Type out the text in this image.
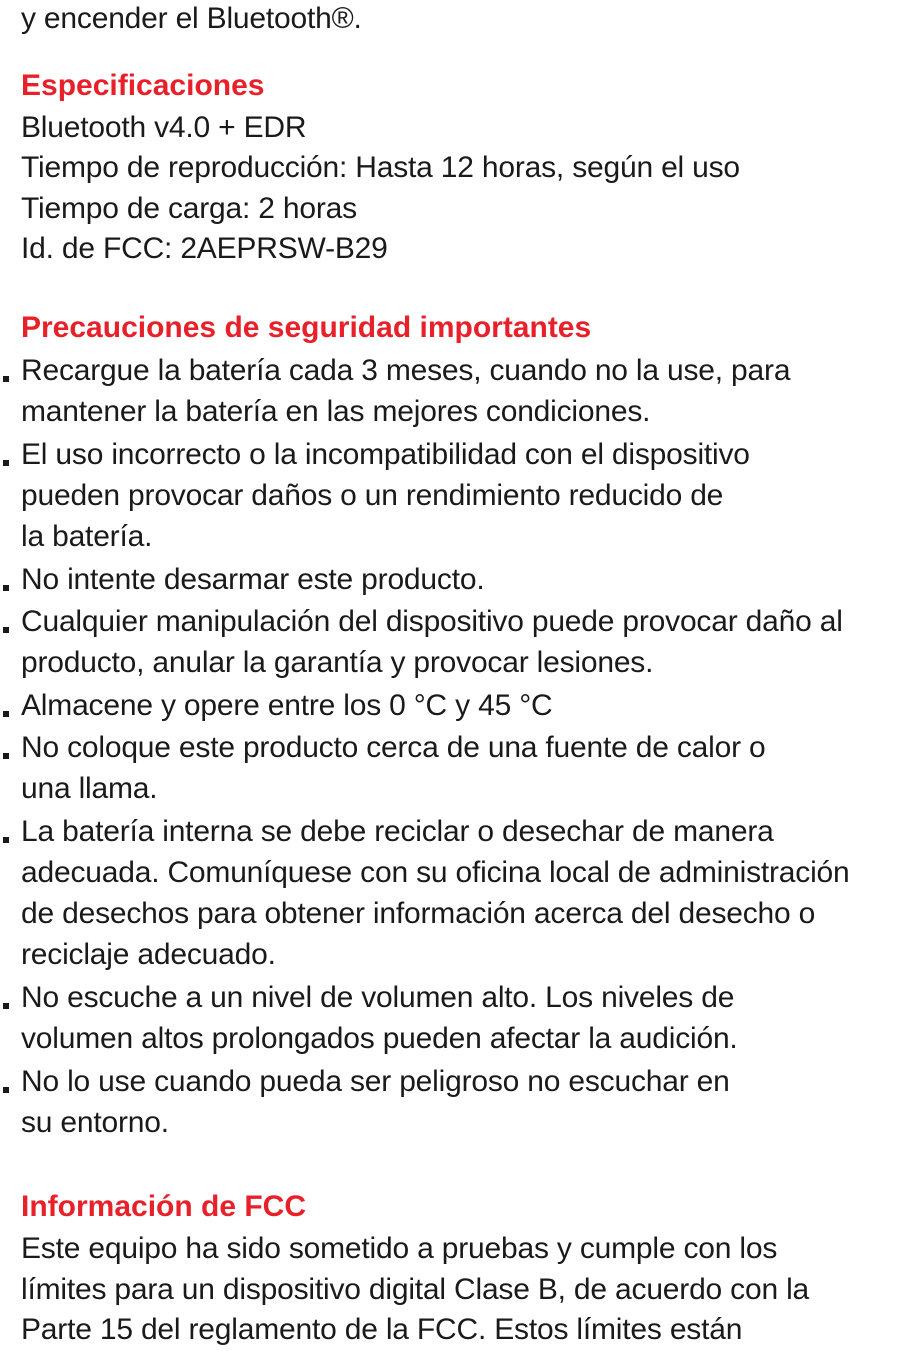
y encender el Bluetooth®.
Especificaciones
Bluetooth v4.0 + EDR
Tiempo de reproducción: Hasta 12 horas, según el uso
Tiempo de carga: 2 horas
Id. de FCC: 2AEPRSW-B29
Precauciones de seguridad importantes
Recargue la batería cada 3 meses, cuando no la use, para
mantener la batería en las mejores condiciones.
El uso incorrecto o la incompatibilidad con el dispositivo
pueden provocar daños o un rendimiento reducido de
la batería.
No intente desarmar este producto.
Cualquier manipulación del dispositivo puede provocar daño al
producto, anular la garantía y provocar lesiones.
Almacene y opere entre los 0 °C y 45 °C
No coloque este producto cerca de una fuente de calor o
una llama.
La batería interna se debe reciclar o desechar de manera
adecuada. Comuníquese con su oficina local de administración
de desechos para obtener información acerca del desecho o
reciclaje adecuado.
No escuche a un nivel de volumen alto. Los niveles de
volumen altos prolongados pueden afectar la audición.
No lo use cuando pueda ser peligroso no escuchar en
su entorno.
Información de FCC
Este equipo ha sido sometido a pruebas y cumple con los
límites para un dispositivo digital Clase B, de acuerdo con la
Parte 15 del reglamento de la FCC. Estos límites están
